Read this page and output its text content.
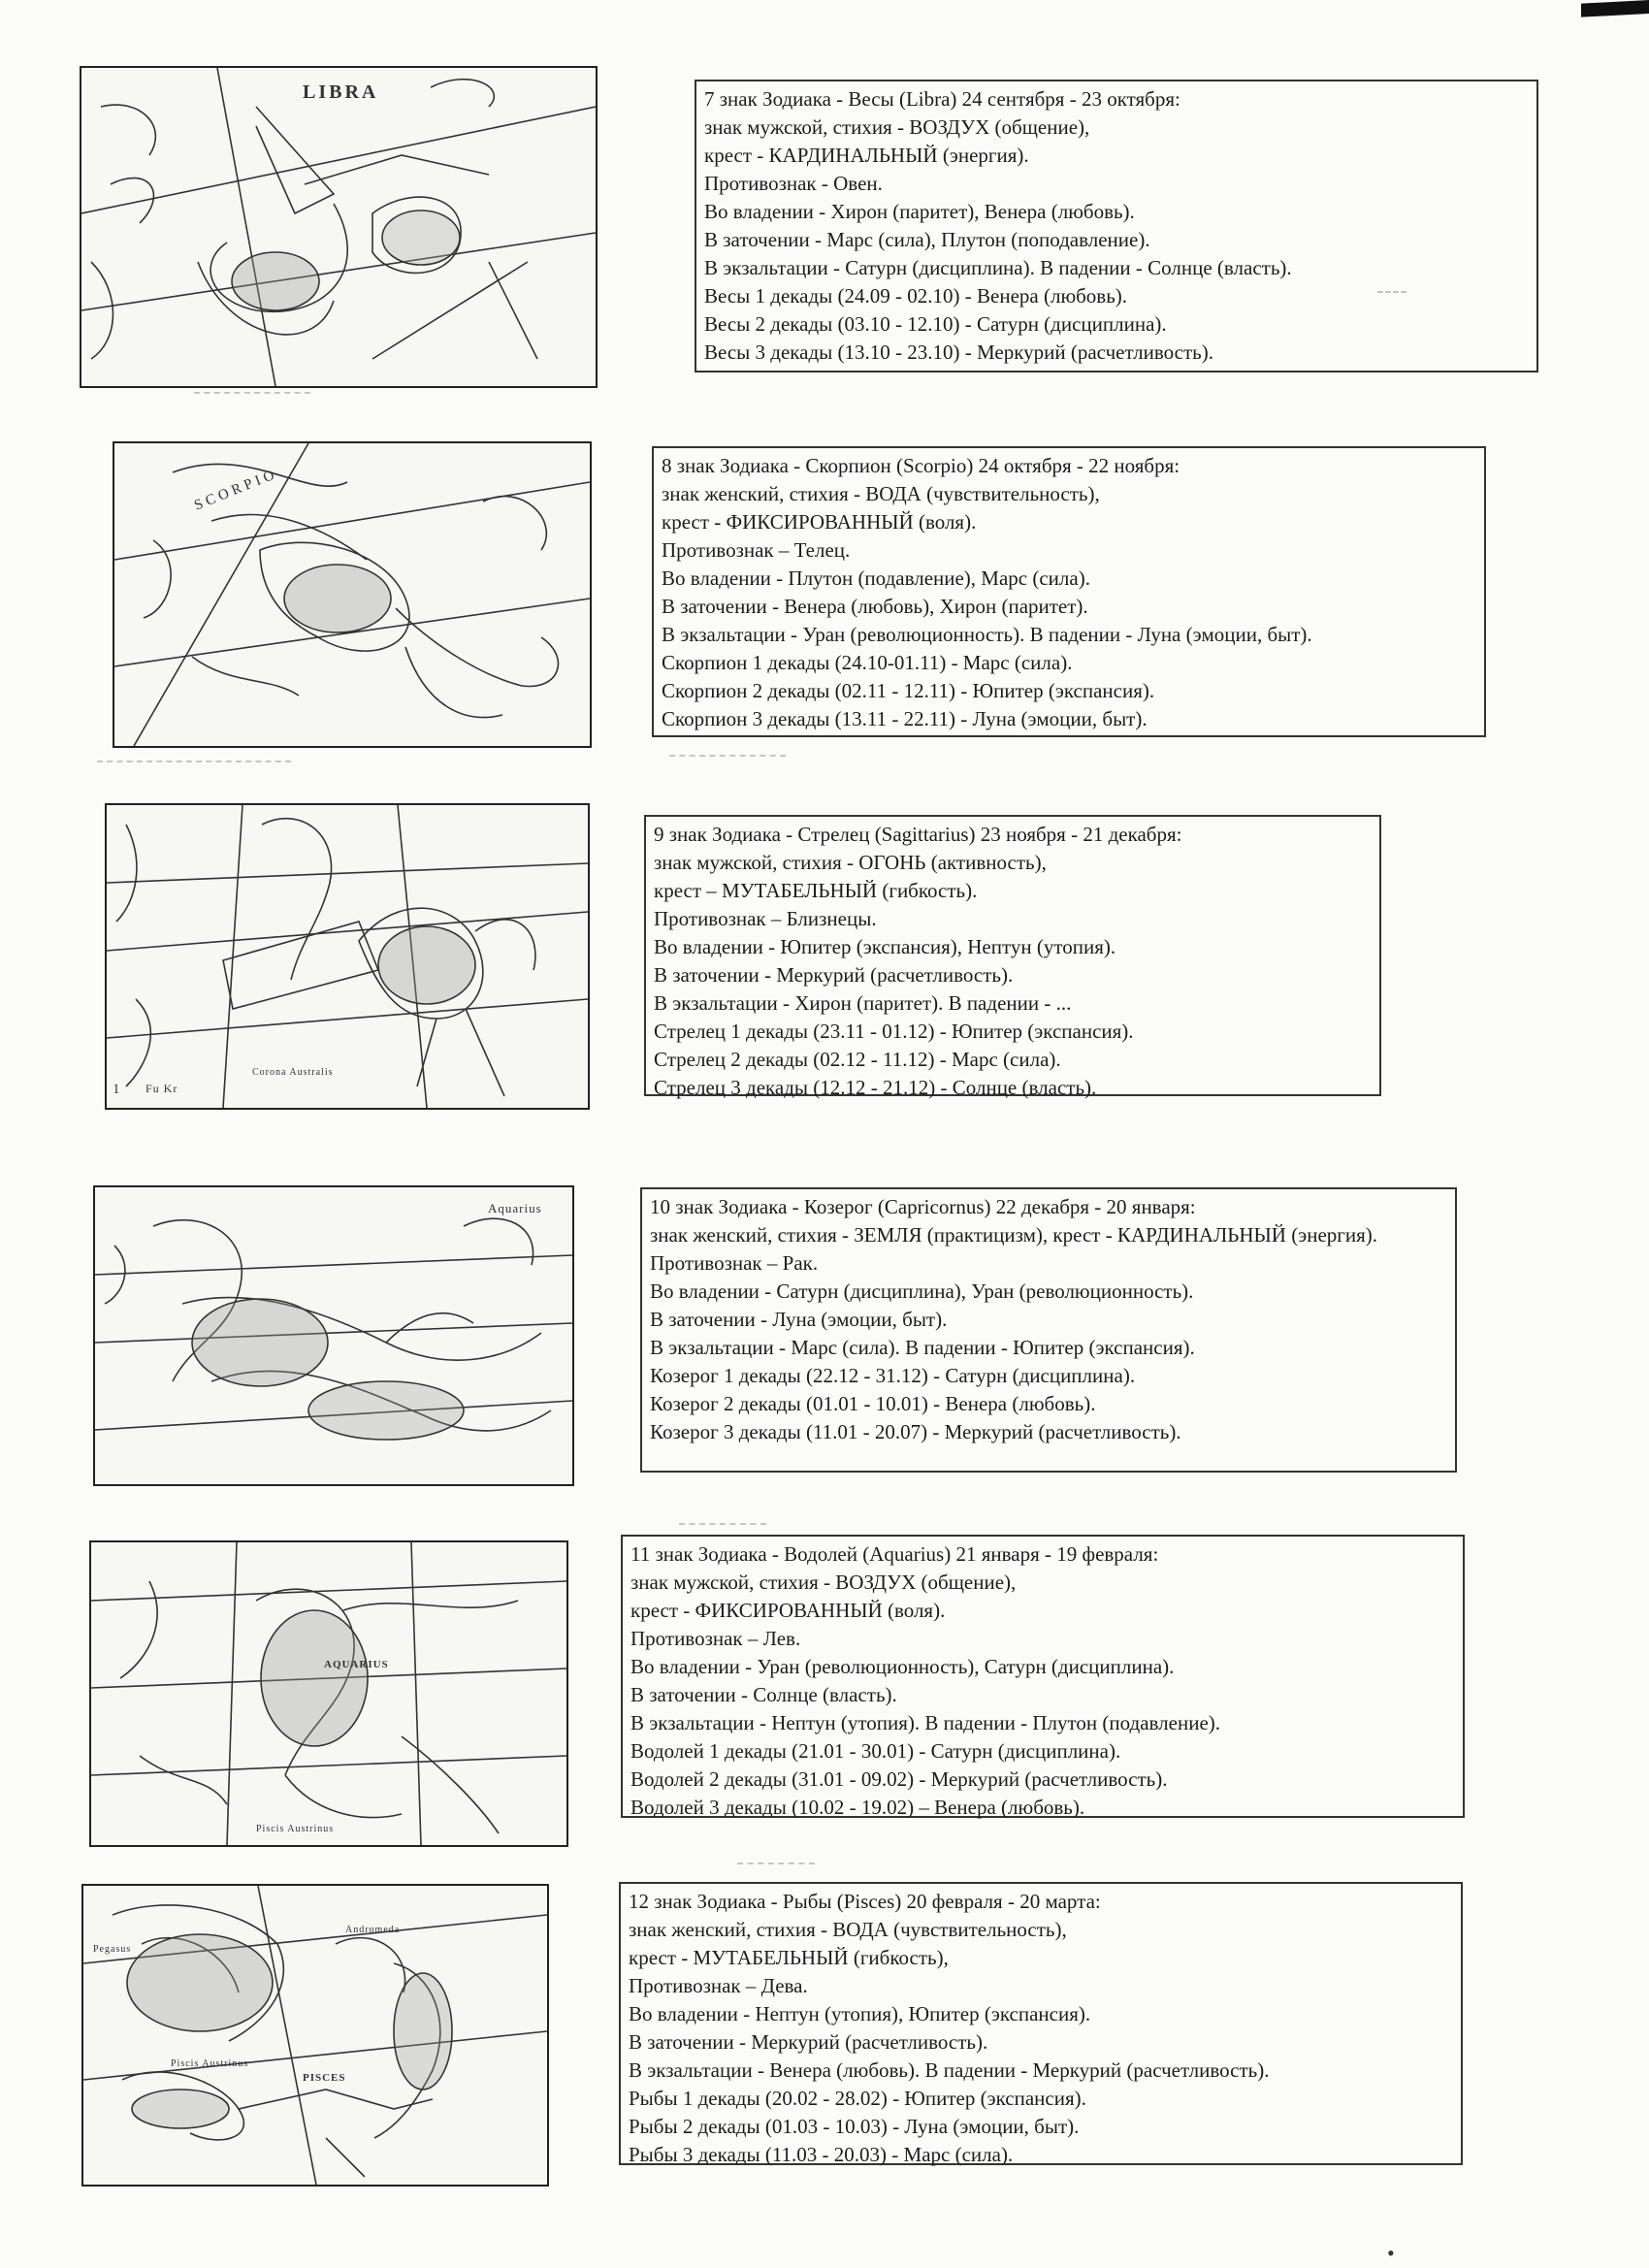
LIBRA	7 знак Зодиака - Весы (Libra) 24 сентября - 23 октября:
знак мужской, стихия - ВОЗДУХ (общение),
крест - КАРДИНАЛЬНЫЙ (энергия).
Противознак - Овен.
Во владении - Хирон (паритет), Венера (любовь).
В заточении - Марс (сила), Плутон (поподавление).
В экзальтации - Сатурн (дисциплина). В падении - Солнце (власть).
Весы 1 декады (24.09 - 02.10) - Венера (любовь).
Весы 2 декады (03.10 - 12.10) - Сатурн (дисциплина).
Весы 3 декады (13.10 - 23.10) - Меркурий (расчетливость).
SCORPIO
8 знак Зодиака - Скорпион (Scorpio) 24 октября - 22 ноября:
знак женский, стихия - ВОДА (чувствительность),
крест - ФИКСИРОВАННЫЙ (воля).
Противознак – Телец.
Во владении - Плутон (подавление), Марс (сила).
В заточении - Венера (любовь), Хирон (паритет).
В экзальтации - Уран (революционность). В падении - Луна (эмоции, быт).
Скорпион 1 декады (24.10-01.11) - Марс (сила).
Скорпион 2 декады (02.11 - 12.11) - Юпитер (экспансия).
Скорпион 3 декады (13.11 - 22.11) - Луна (эмоции, быт).
1 Fu Kr
Corona Australis
9 знак Зодиака - Стрелец (Sagittarius) 23 ноября - 21 декабря:
знак мужской, стихия - ОГОНЬ (активность),
крест – МУТАБЕЛЬНЫЙ (гибкость).
Противознак – Близнецы.
Во владении - Юпитер (экспансия), Нептун (утопия).
В заточении - Меркурий (расчетливость).
В экзальтации - Хирон (паритет). В падении - ...
Стрелец 1 декады (23.11 - 01.12) - Юпитер (экспансия).
Стрелец 2 декады (02.12 - 11.12) - Марс (сила).
Стрелец 3 декады (12.12 - 21.12) - Солнце (власть).
Aquarius	10 знак Зодиака - Козерог (Capricornus) 22 декабря - 20 января:
знак женский, стихия - ЗЕМЛЯ (практицизм), крест - КАРДИНАЛЬНЫЙ (энергия).
Противознак – Рак.
Во владении - Сатурн (дисциплина), Уран (революционность).
В заточении - Луна (эмоции, быт).
В экзальтации - Марс (сила). В падении - Юпитер (экспансия).
Козерог 1 декады (22.12 - 31.12) - Сатурн (дисциплина).
Козерог 2 декады (01.01 - 10.01) - Венера (любовь).
Козерог 3 декады (11.01 - 20.07) - Меркурий (расчетливость).
AQUARIUS
Piscis Austrinus
11 знак Зодиака - Водолей (Aquarius) 21 января - 19 февраля:
знак мужской, стихия - ВОЗДУХ (общение),
крест - ФИКСИРОВАННЫЙ (воля).
Противознак – Лев.
Во владении - Уран (революционность), Сатурн (дисциплина).
В заточении - Солнце (власть).
В экзальтации - Нептун (утопия). В падении - Плутон (подавление).
Водолей 1 декады (21.01 - 30.01) - Сатурн (дисциплина).
Водолей 2 декады (31.01 - 09.02) - Меркурий (расчетливость).
Водолей 3 декады (10.02 - 19.02) – Венера (любовь).
Pegasus
Andromeda
Piscis Austrinus
PISCES
12 знак Зодиака - Рыбы (Pisces) 20 февраля - 20 марта:
знак женский, стихия - ВОДА (чувствительность),
крест - МУТАБЕЛЬНЫЙ (гибкость),
Противознак – Дева.
Во владении - Нептун (утопия), Юпитер (экспансия).
В заточении - Меркурий (расчетливость).
В экзальтации - Венера (любовь). В падении - Меркурий (расчетливость).
Рыбы 1 декады (20.02 - 28.02) - Юпитер (экспансия).
Рыбы 2 декады (01.03 - 10.03) - Луна (эмоции, быт).
Рыбы 3 декады (11.03 - 20.03) - Марс (сила).
•
